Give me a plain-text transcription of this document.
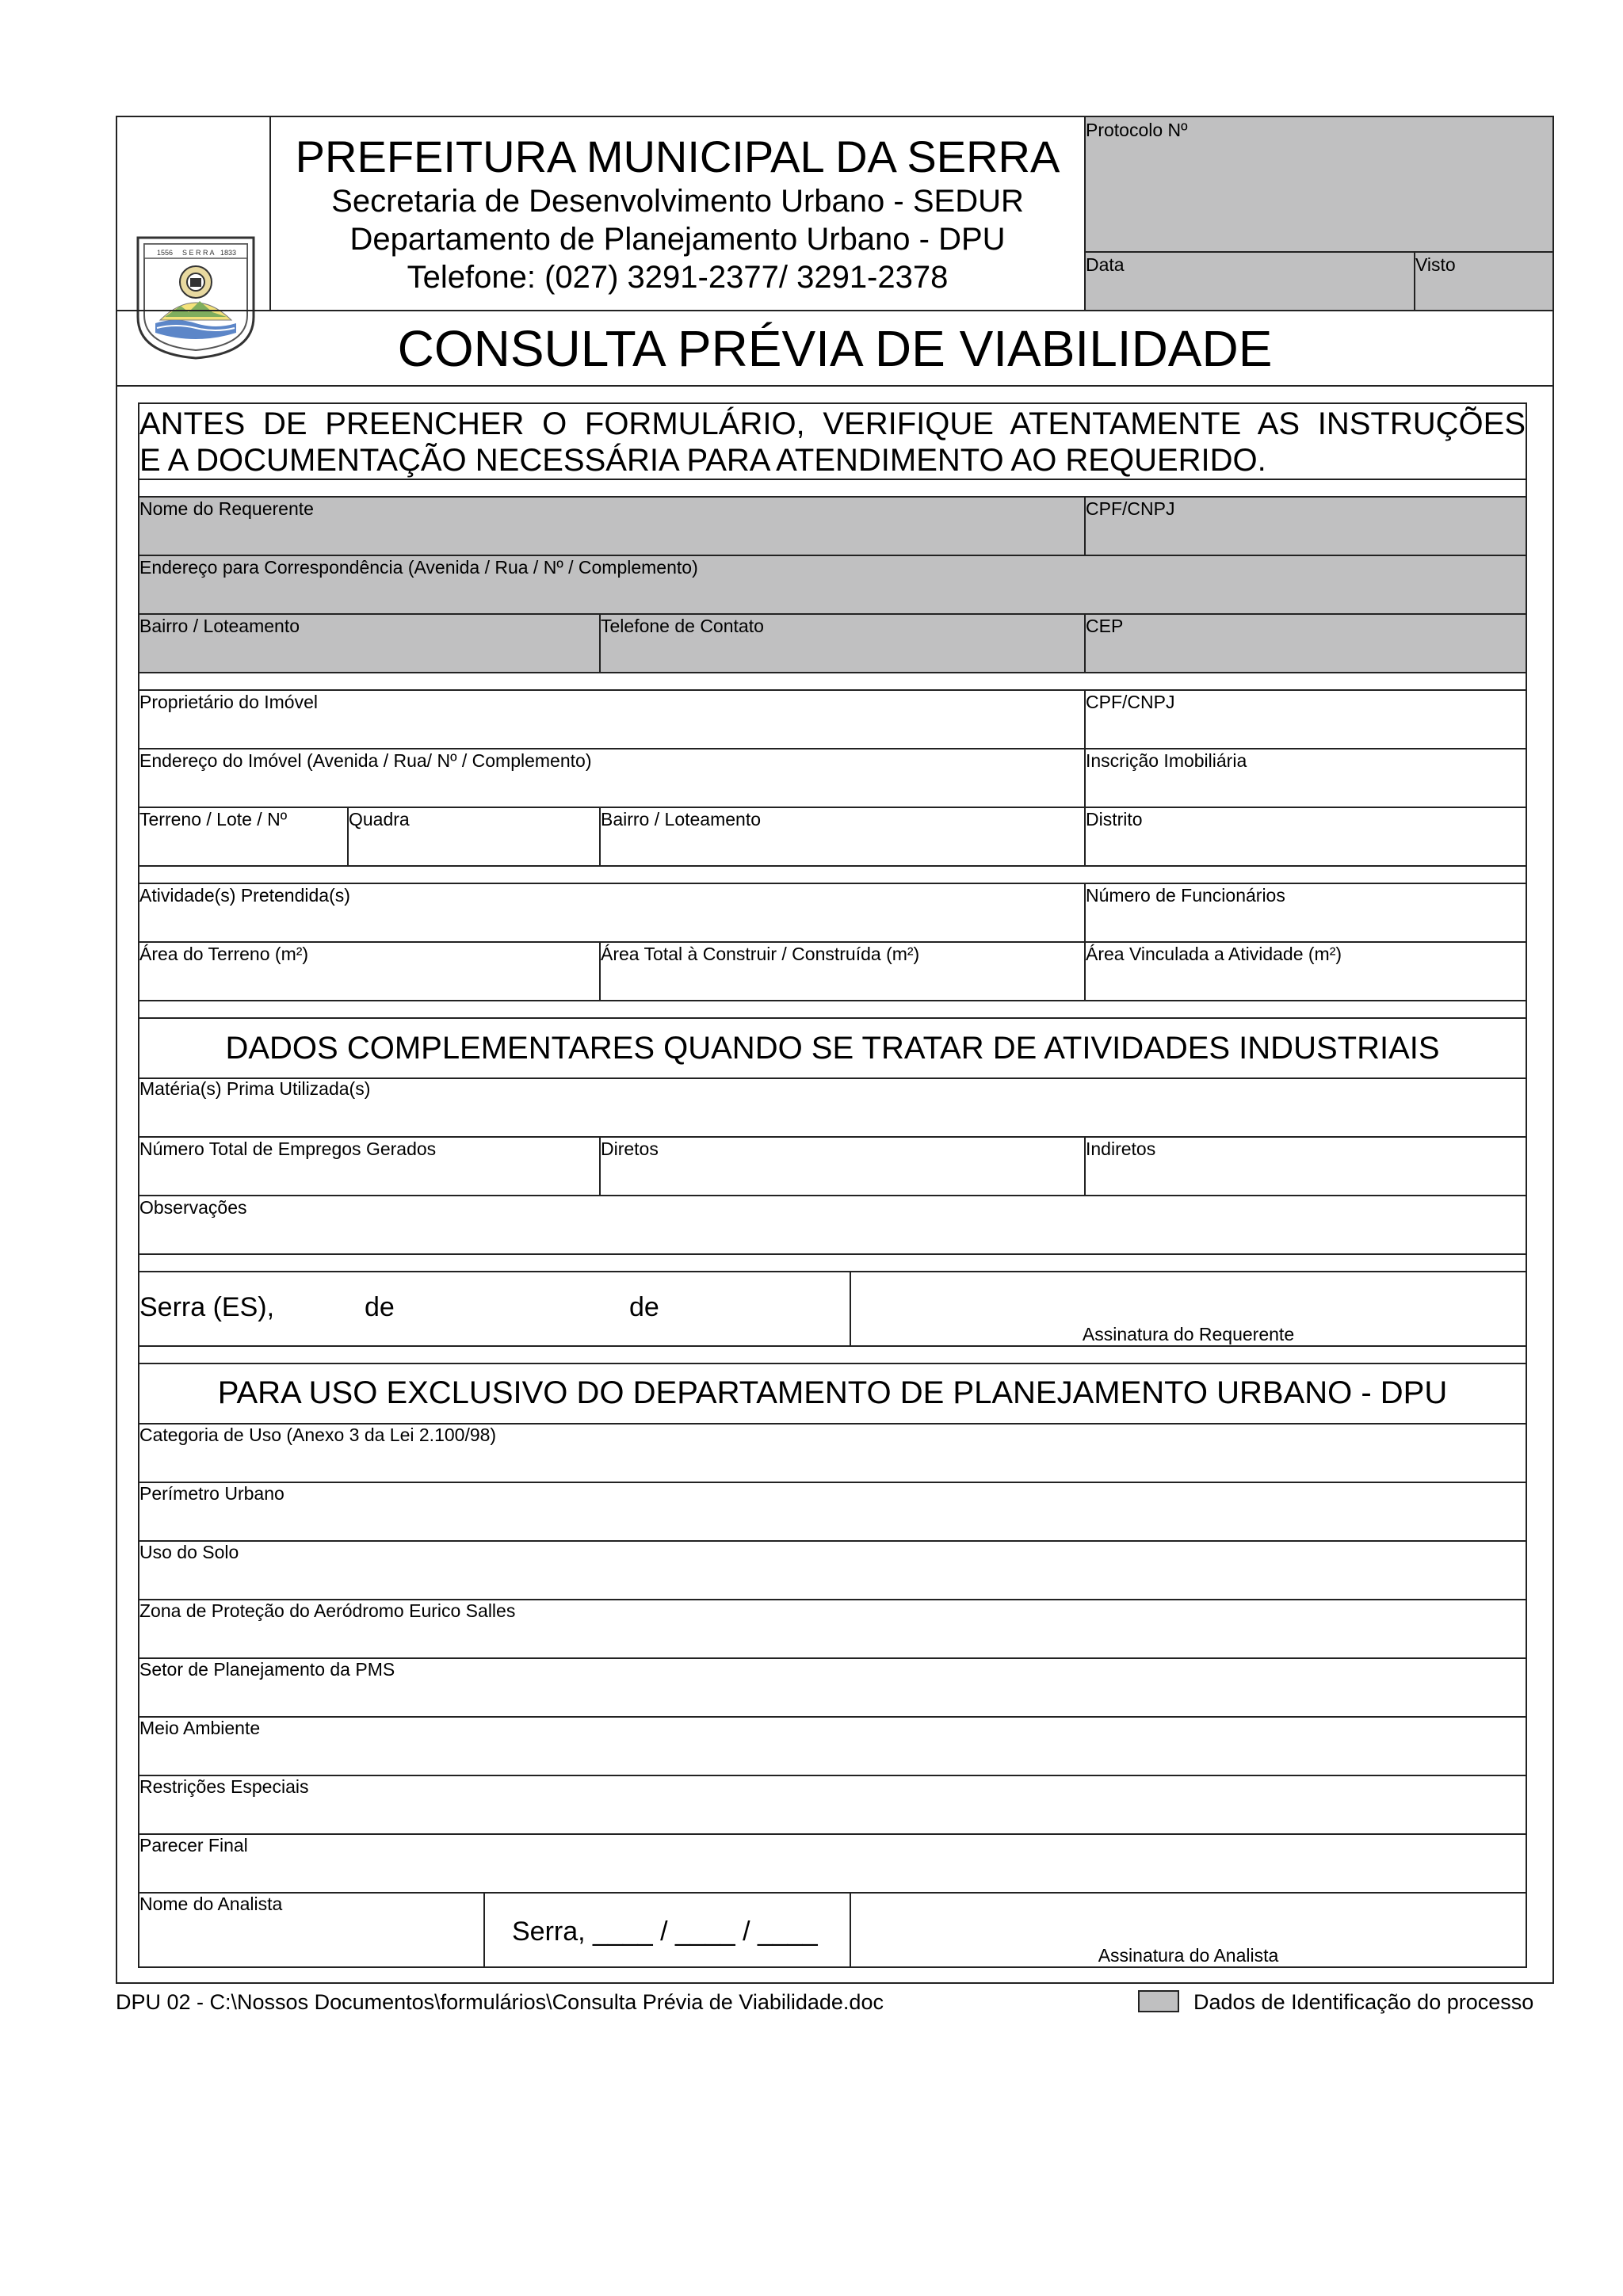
Protocolo Nº
Data	Visto
PREFEITURA MUNICIPAL DA SERRA
Secretaria de Desenvolvimento Urbano - SEDUR
Departamento de Planejamento Urbano - DPU
Telefone: (027) 3291-2377/ 3291-2378
1556 S E R R A 1833
CONSULTA PRÉVIA DE VIABILIDADE
ANTES DE PREENCHER O FORMULÁRIO, VERIFIQUE ATENTAMENTE AS INSTRUÇÕES
E A DOCUMENTAÇÃO NECESSÁRIA PARA ATENDIMENTO AO REQUERIDO.
Nome do Requerente	CPF/CNPJ
Endereço para Correspondência (Avenida / Rua / Nº / Complemento)
Bairro / Loteamento	Telefone de Contato	CEP
Proprietário do Imóvel	CPF/CNPJ
Endereço do Imóvel (Avenida / Rua/ Nº / Complemento)	Inscrição Imobiliária
Terreno / Lote / Nº	Quadra	Bairro / Loteamento	Distrito
Atividade(s) Pretendida(s)	Número de Funcionários
Área do Terreno (m²)	Área Total à Construir / Construída (m²)	Área Vinculada a Atividade (m²)
DADOS COMPLEMENTARES QUANDO SE TRATAR DE ATIVIDADES INDUSTRIAIS
Matéria(s) Prima Utilizada(s)
Número Total de Empregos Gerados	Diretos	Indiretos
Observações
Serra (ES),	de	de
Assinatura do Requerente
PARA USO EXCLUSIVO DO DEPARTAMENTO DE PLANEJAMENTO URBANO - DPU
Categoria de Uso (Anexo 3 da Lei 2.100/98)
Perímetro Urbano
Uso do Solo
Zona de Proteção do Aeródromo Eurico Salles
Setor de Planejamento da PMS
Meio Ambiente
Restrições Especiais
Parecer Final
Nome do Analista
Serra, ____ / ____ / ____
Assinatura do Analista
DPU 02 - C:\Nossos Documentos\formulários\Consulta Prévia de Viabilidade.doc	Dados de Identificação do processo
